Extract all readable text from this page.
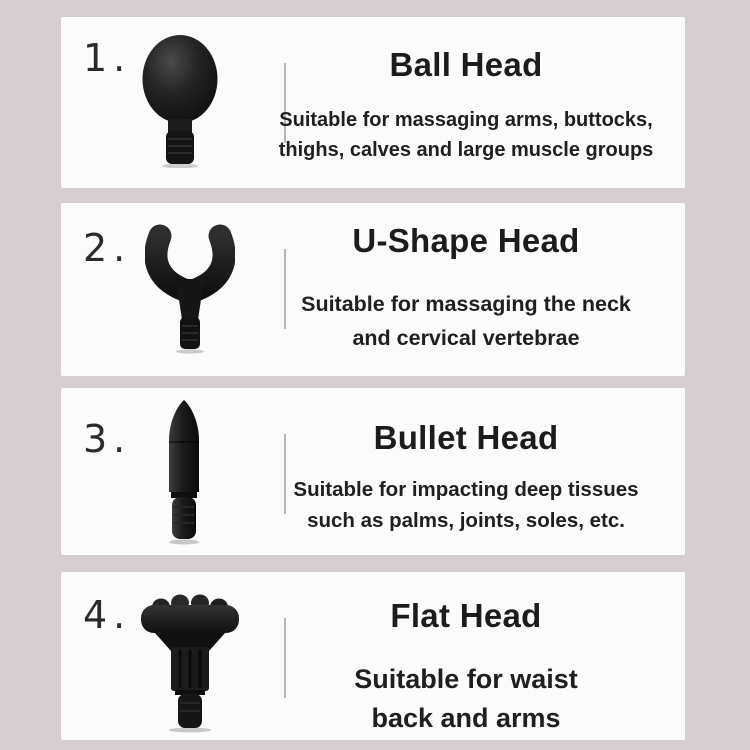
1.	Ball Head

Suitable for massaging arms, buttocks,
thighs, calves and large muscle groups

2.	U-Shape Head

Suitable for massaging the neck
and cervical vertebrae

3.	Bullet Head

Suitable for impacting deep tissues
such as palms, joints, soles, etc.

4.	Flat Head

Suitable for waist
back and arms
